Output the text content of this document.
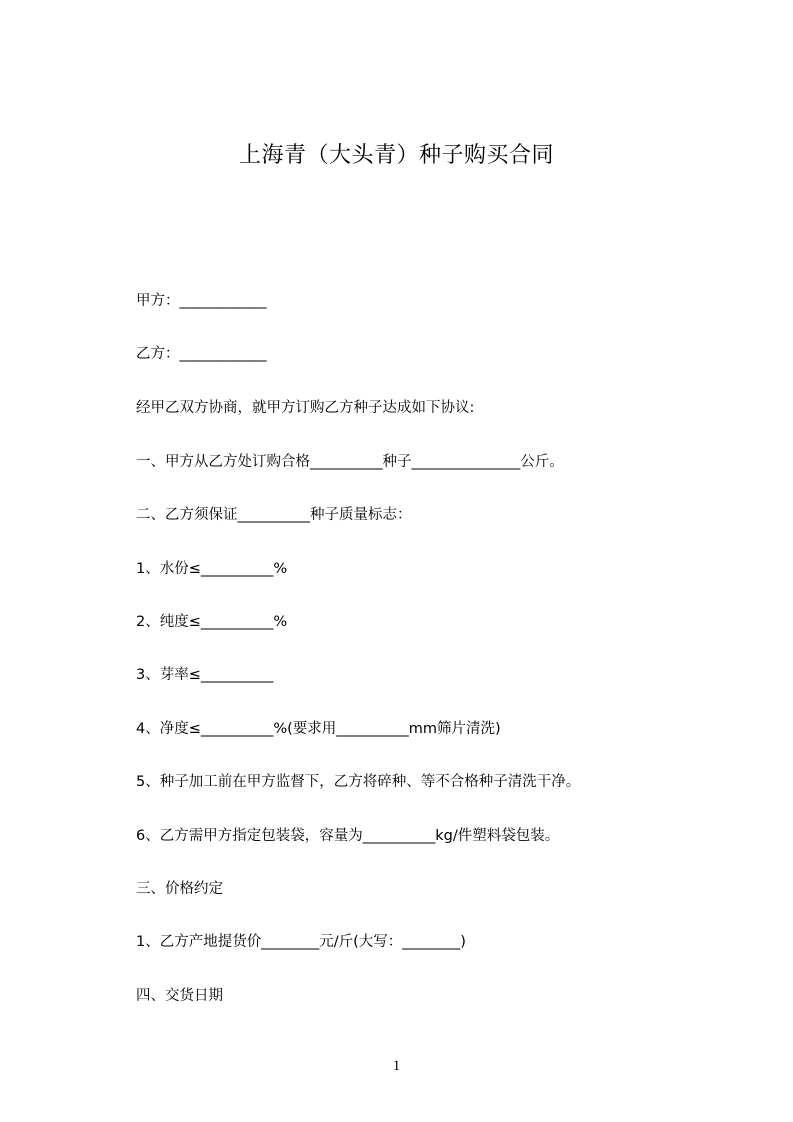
上海青（大头青）种子购买合同
甲方：____________
乙方：____________
经甲乙双方协商，就甲方订购乙方种子达成如下协议:
一、甲方从乙方处订购合格__________种子_______________公斤。
二、乙方须保证__________种子质量标志：
1、水份≤__________%
2、纯度≤__________%
3、芽率≤__________
4、净度≤__________%(要求用__________mm筛片清洗)
5、种子加工前在甲方监督下，乙方将碎种、等不合格种子清洗干净。
6、乙方需甲方指定包装袋，容量为__________kg/件塑料袋包装。
三、价格约定
1、乙方产地提货价________元/斤(大写：________)
四、交货日期
1
